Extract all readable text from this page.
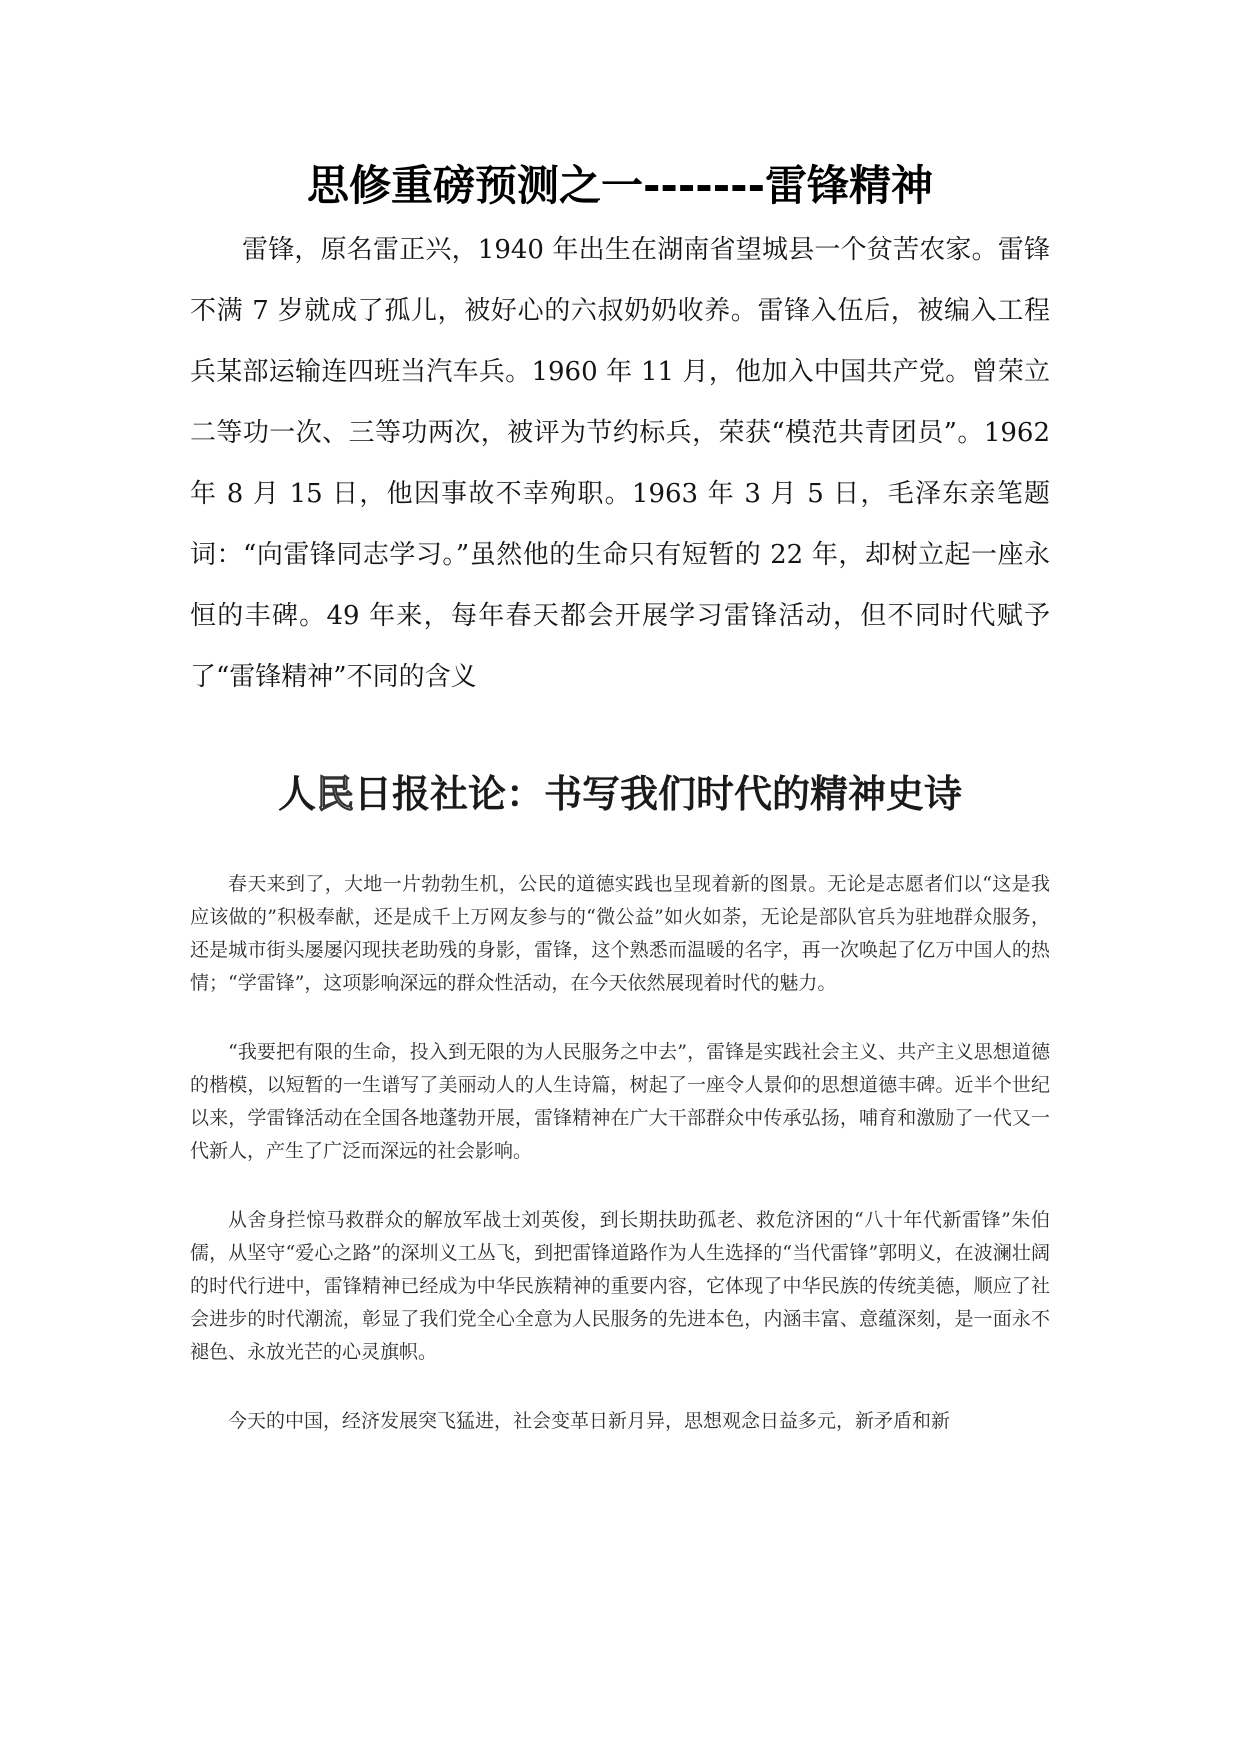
思修重磅预测之一-------雷锋精神

雷锋，原名雷正兴，1940 年出生在湖南省望城县一个贫苦农家。雷锋不满 7 岁就成了孤儿，被好心的六叔奶奶收养。雷锋入伍后，被编入工程兵某部运输连四班当汽车兵。1960 年 11 月，他加入中国共产党。曾荣立二等功一次、三等功两次，被评为节约标兵，荣获“模范共青团员”。1962 年 8 月 15 日，他因事故不幸殉职。1963 年 3 月 5 日，毛泽东亲笔题词：“向雷锋同志学习。”虽然他的生命只有短暂的 22 年，却树立起一座永恒的丰碑。49 年来，每年春天都会开展学习雷锋活动，但不同时代赋予了“雷锋精神”不同的含义

人民日报社论：书写我们时代的精神史诗

春天来到了，大地一片勃勃生机，公民的道德实践也呈现着新的图景。无论是志愿者们以“这是我应该做的”积极奉献，还是成千上万网友参与的“微公益”如火如荼，无论是部队官兵为驻地群众服务，还是城市街头屡屡闪现扶老助残的身影，雷锋，这个熟悉而温暖的名字，再一次唤起了亿万中国人的热情；“学雷锋”，这项影响深远的群众性活动，在今天依然展现着时代的魅力。

“我要把有限的生命，投入到无限的为人民服务之中去”，雷锋是实践社会主义、共产主义思想道德的楷模，以短暂的一生谱写了美丽动人的人生诗篇，树起了一座令人景仰的思想道德丰碑。近半个世纪以来，学雷锋活动在全国各地蓬勃开展，雷锋精神在广大干部群众中传承弘扬，哺育和激励了一代又一代新人，产生了广泛而深远的社会影响。

从舍身拦惊马救群众的解放军战士刘英俊，到长期扶助孤老、救危济困的“八十年代新雷锋”朱伯儒，从坚守“爱心之路”的深圳义工丛飞，到把雷锋道路作为人生选择的“当代雷锋”郭明义，在波澜壮阔的时代行进中，雷锋精神已经成为中华民族精神的重要内容，它体现了中华民族的传统美德，顺应了社会进步的时代潮流，彰显了我们党全心全意为人民服务的先进本色，内涵丰富、意蕴深刻，是一面永不褪色、永放光芒的心灵旗帜。

今天的中国，经济发展突飞猛进，社会变革日新月异，思想观念日益多元，新矛盾和新
